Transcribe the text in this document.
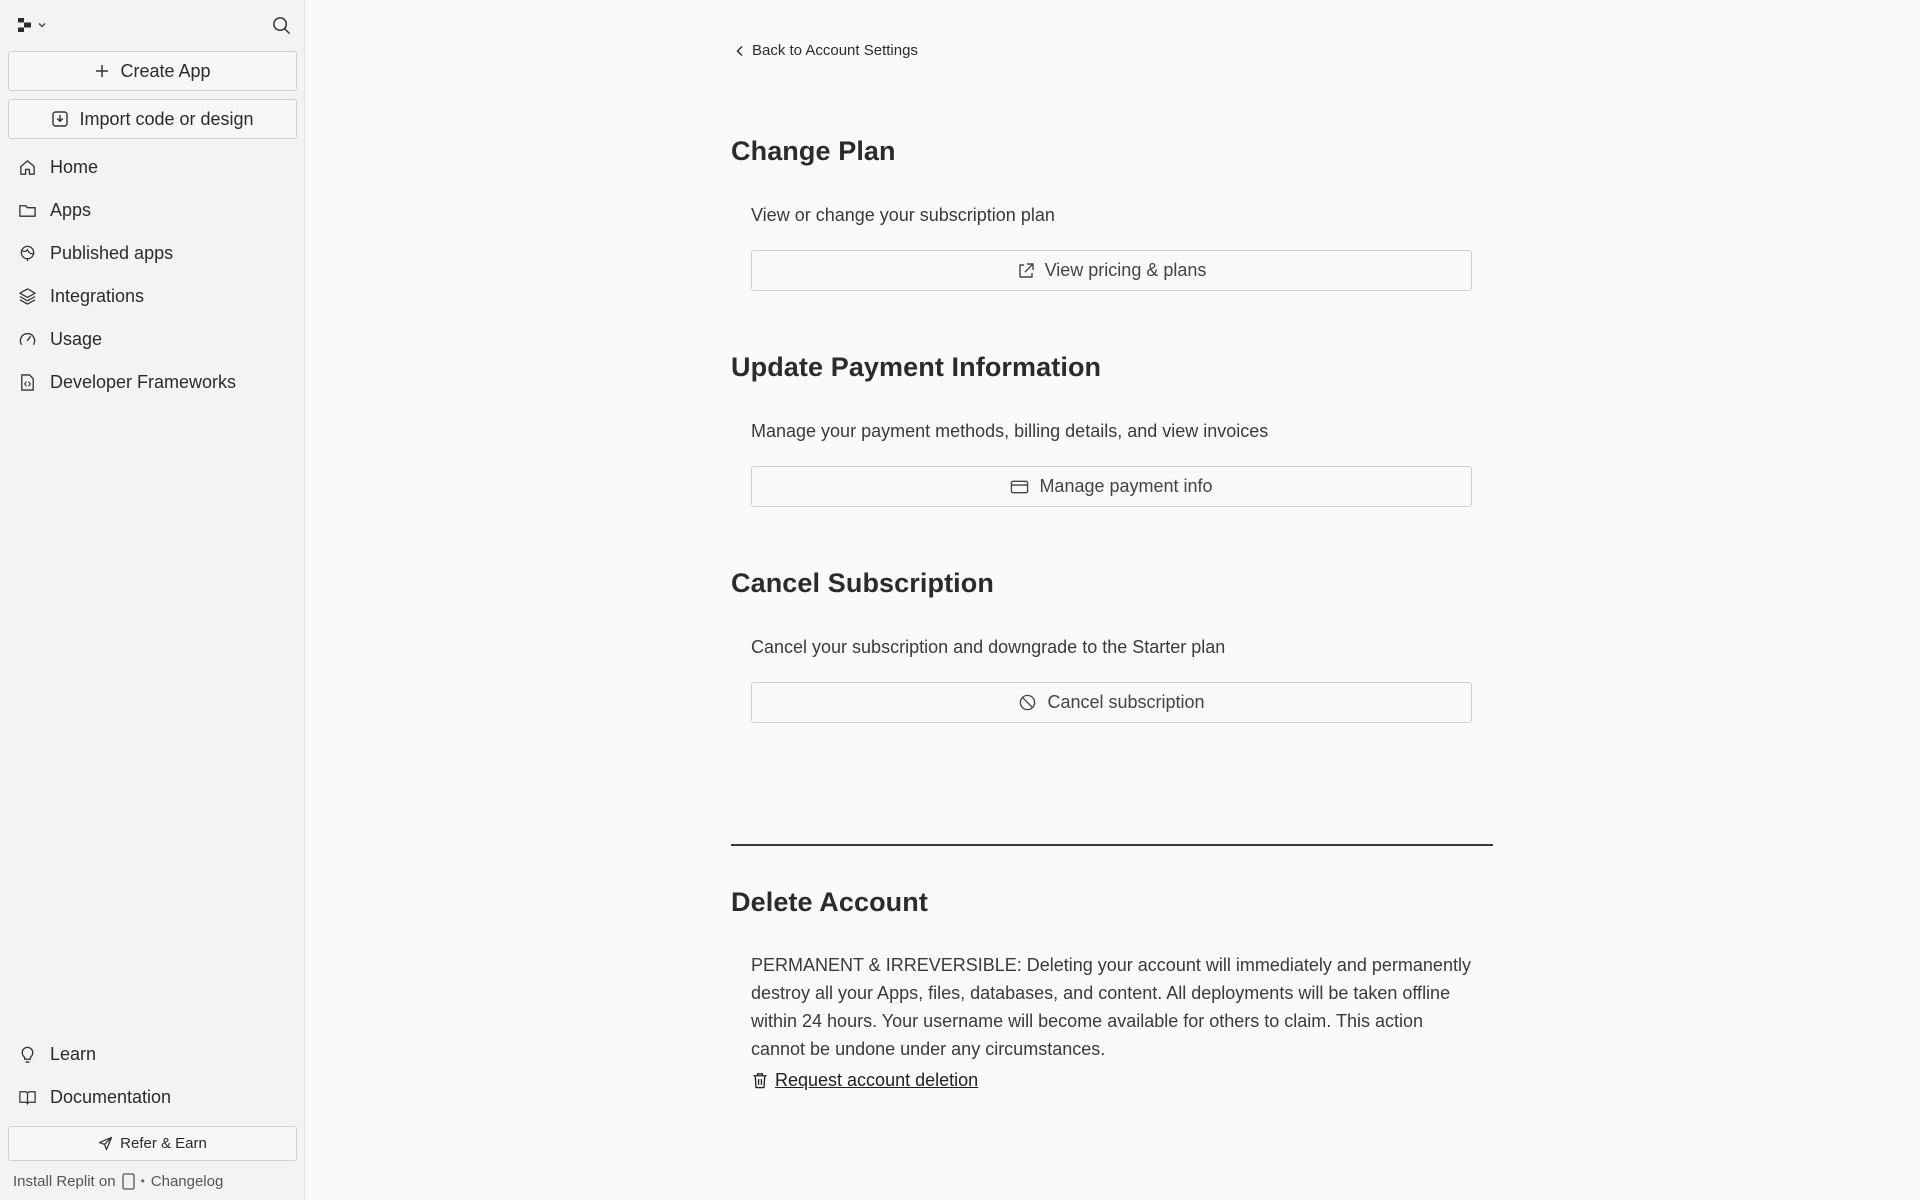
Create App
Import code or design
Home
Apps
Published apps
Integrations
Usage
Developer Frameworks
Learn
Documentation
Refer & Earn
Install Replit on • Changelog
Back to Account Settings
Change Plan
View or change your subscription plan
View pricing & plans
Update Payment Information
Manage your payment methods, billing details, and view invoices
Manage payment info
Cancel Subscription
Cancel your subscription and downgrade to the Starter plan
Cancel subscription
Delete Account
PERMANENT & IRREVERSIBLE: Deleting your account will immediately and permanently destroy all your Apps, files, databases, and content. All deployments will be taken offline within 24 hours. Your username will become available for others to claim. This action cannot be undone under any circumstances.
Request account deletion
